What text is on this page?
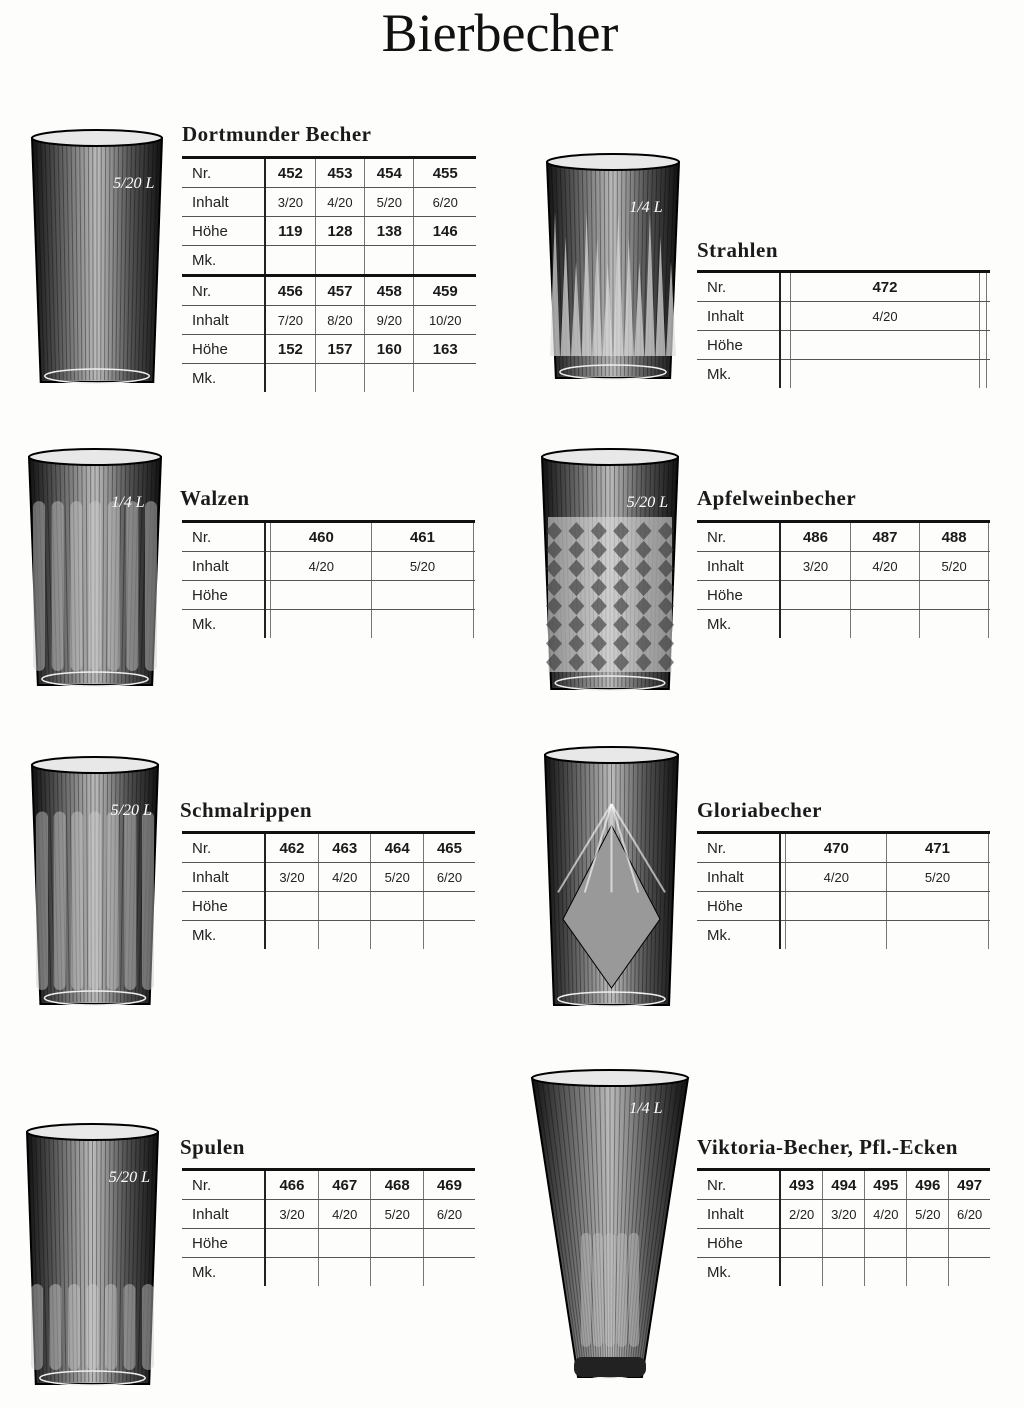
Bierbecher
5/20 L
Dortmunder Becher
Nr.	452	453	454	455
Inhalt	3/20	4/20	5/20	6/20
Höhe	119	128	138	146
Mk.				
Nr.	456	457	458	459
Inhalt	7/20	8/20	9/20	10/20
Höhe	152	157	160	163
Mk.				
1/4 L
Strahlen
Nr.		472		
Inhalt		4/20		
Höhe				
Mk.				
1/4 L Walzen
Nr.		460	461	
Inhalt		4/20	5/20	
Höhe				
Mk.				
5/20 L Apfelweinbecher
Nr.	486	487	488	
Inhalt	3/20	4/20	5/20	
Höhe				
Mk.				
5/20 L Schmalrippen
Nr.	462	463	464	465
Inhalt	3/20	4/20	5/20	6/20
Höhe				
Mk.				
Gloriabecher
Nr.		470	471	
Inhalt		4/20	5/20	
Höhe				
Mk.				
5/20 L
Spulen
Nr.	466	467	468	469
Inhalt	3/20	4/20	5/20	6/20
Höhe				
Mk.				
1/4 L
Viktoria-Becher, Pfl.-Ecken
Nr.	493	494	495	496	497
Inhalt	2/20	3/20	4/20	5/20	6/20
Höhe					
Mk.					
